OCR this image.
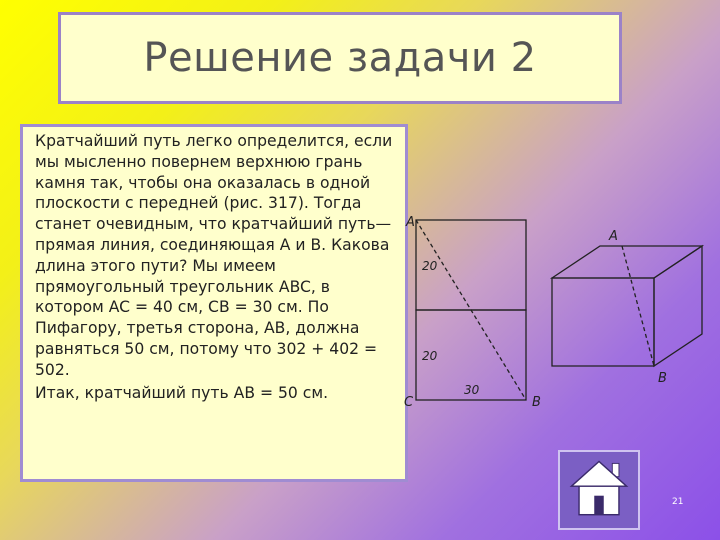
Решение задачи 2

Кратчайший путь легко определится, если мы мысленно повернем верхнюю грань камня так, чтобы она оказалась в одной плоскости с передней (рис. 317). Тогда станет очевидным, что кратчайший путь—прямая линия, соединяющая A и B. Какова длина этого пути? Мы имеем прямоугольный треугольник ABC, в котором AC = 40 см, CB = 30 см. По Пифагору, третья сторона, AB, должна равняться 50 см, потому что 302 + 402 = 502.

Итак, кратчайший путь AB = 50 см.

A
C	B
20
20
30
A
B
21
